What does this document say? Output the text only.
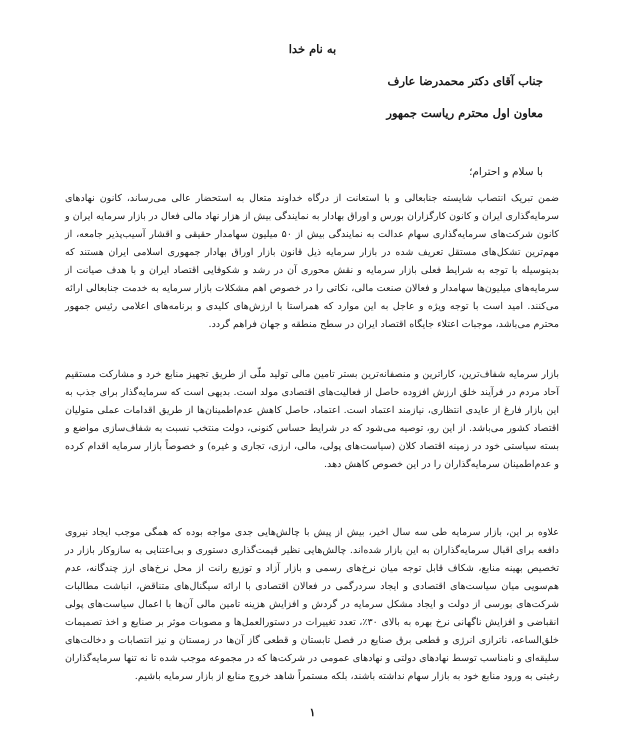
به نام خدا
جناب آقای دکتر محمدرضا عارف
معاون اول محترم ریاست جمهور
با سلام و احترام؛
ضمن تبریک انتصاب شایسته جنابعالی و با استعانت از درگاه خداوند متعال به استحضار عالی می‌رساند، کانون نهادهای سرمایه‌گذاری ایران و کانون کارگزاران بورس و اوراق بهادار به نمایندگی بیش از هزار نهاد مالی فعال در بازار سرمایه ایران و کانون شرکت‌های سرمایه‌گذاری سهام عدالت به نمایندگی بیش از ۵۰ میلیون سهامدار حقیقی و اقشار آسیب‌پذیر جامعه، از مهم‌ترین تشکل‌های مستقل تعریف شده در بازار سرمایه ذیل قانون بازار اوراق بهادار جمهوری اسلامی ایران هستند که بدینوسیله با توجه به شرایط فعلی بازار سرمایه و نقش محوری آن در رشد و شکوفایی اقتصاد ایران و با هدف صیانت از سرمایه‌های میلیون‌ها سهامدار و فعالان صنعت مالی، نکاتی را در خصوص اهم مشکلات بازار سرمایه به خدمت جنابعالی ارائه می‌کنند. امید است با توجه ویژه و عاجل به این موارد که همراستا با ارزش‌های کلیدی و برنامه‌های اعلامی رئیس جمهور محترم می‌باشد، موجبات اعتلاء جایگاه اقتصاد ایران در سطح منطقه و جهان فراهم گردد.
بازار سرمایه شفاف‌ترین، کاراترین و منصفانه‌ترین بستر تامین مالی تولید ملّی از طریق تجهیز منابع خرد و مشارکت مستقیم آحاد مردم در فرآیند خلق ارزش افزوده حاصل از فعالیت‌های اقتصادی مولد است. بدیهی است که سرمایه‌گذار برای جذب به این بازار فارغ از عایدی انتظاری، نیازمند اعتماد است. اعتماد، حاصل کاهش عدم‌اطمینان‌ها از طریق اقدامات عملی متولیان اقتصاد کشور می‌باشد. از این رو، توصیه می‌شود که در شرایط حساس کنونی، دولت منتخب نسبت به شفاف‌سازی مواضع و بسته سیاستی خود در زمینه اقتصاد کلان (سیاست‌های پولی، مالی، ارزی، تجاری و غیره) و خصوصاً بازار سرمایه اقدام کرده و عدم‌اطمینان سرمایه‌گذاران را در این خصوص کاهش دهد.
علاوه بر این، بازار سرمایه طی سه سال اخیر، بیش از پیش با چالش‌هایی جدی مواجه بوده که همگی موجب ایجاد نیروی دافعه برای اقبال سرمایه‌گذاران به این بازار شده‌اند. چالش‌هایی نظیر قیمت‌گذاری دستوری و بی‌اعتنایی به سازوکار بازار در تخصیص بهینه منابع، شکاف قابل توجه میان نرخ‌های رسمی و بازار آزاد و توزیع رانت از محل نرخ‌های ارز چندگانه، عدم هم‌سویی میان سیاست‌های اقتصادی و ایجاد سردرگمی در فعالان اقتصادی با ارائه سیگنال‌های متناقض، انباشت مطالبات شرکت‌های بورسی از دولت و ایجاد مشکل سرمایه در گردش و افزایش هزینه تامین مالی آن‌ها با اعمال سیاست‌های پولی انقباضی و افزایش ناگهانی نرخ بهره به بالای ۳۰٪، تعدد تغییرات در دستورالعمل‌ها و مصوبات موثر بر صنایع و اخذ تصمیمات خلق‌الساعه، ناترازی انرژی و قطعی برق صنایع در فصل تابستان و قطعی گاز آن‌ها در زمستان و نیز انتصابات و دخالت‌های سلیقه‌ای و نامناسب توسط نهادهای دولتی و نهادهای عمومی در شرکت‌ها که در مجموعه موجب شده تا نه تنها سرمایه‌گذاران رغبتی به ورود منابع خود به بازار سهام نداشته باشند، بلکه مستمراً شاهد خروج منابع از بازار سرمایه باشیم.
۱
